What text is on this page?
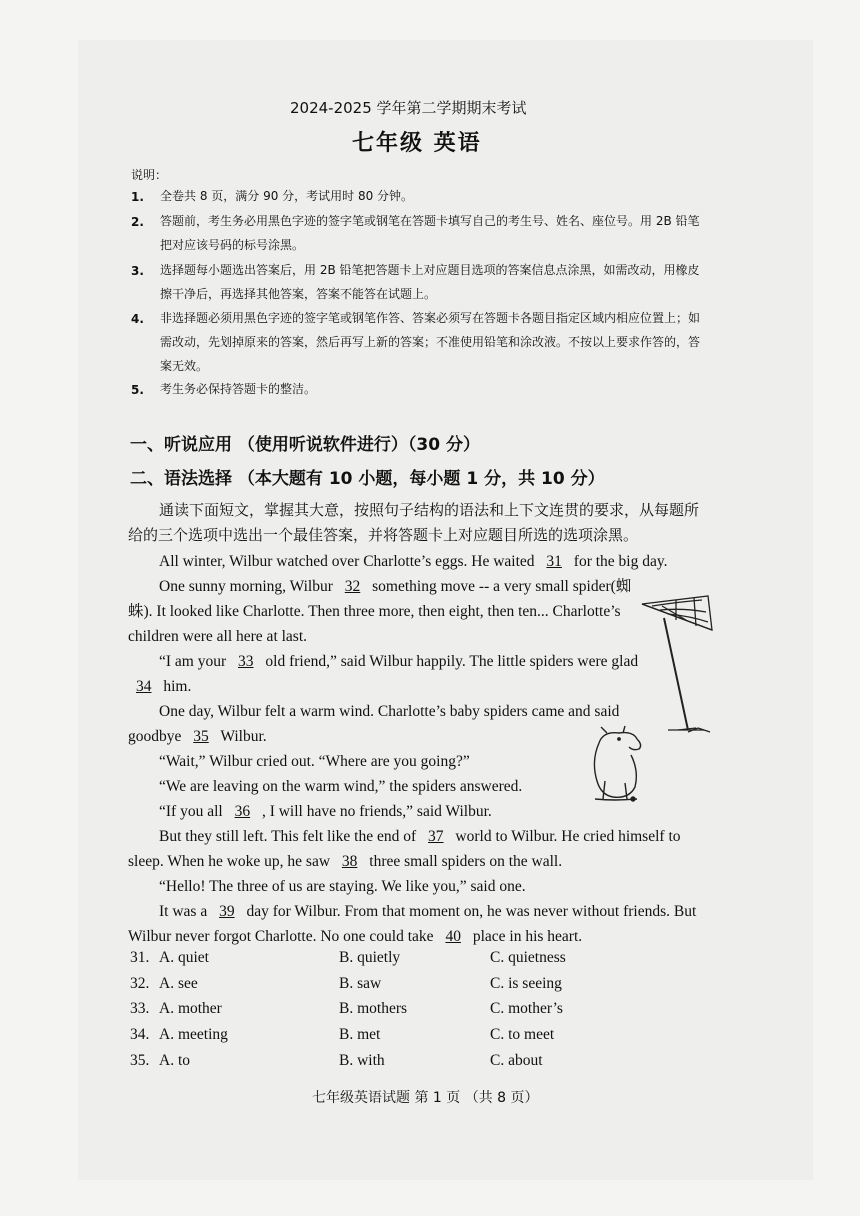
2024-2025 学年第二学期期末考试
七年级 英语
说明：
1. 全卷共 8 页，满分 90 分，考试用时 80 分钟。
2. 答题前，考生务必用黑色字迹的签字笔或钢笔在答题卡填写自己的考生号、姓名、座位号。用 2B 铅笔把对应该号码的标号涂黑。
3. 选择题每小题选出答案后，用 2B 铅笔把答题卡上对应题目选项的答案信息点涂黑，如需改动，用橡皮擦干净后，再选择其他答案，答案不能答在试题上。
4. 非选择题必须用黑色字迹的签字笔或钢笔作答、答案必须写在答题卡各题目指定区域内相应位置上；如需改动，先划掉原来的答案，然后再写上新的答案；不准使用铅笔和涂改液。不按以上要求作答的，答案无效。
5. 考生务必保持答题卡的整洁。
一、听说应用 （使用听说软件进行）（30 分）
二、语法选择 （本大题有 10 小题，每小题 1 分，共 10 分）
通读下面短文，掌握其大意，按照句子结构的语法和上下文连贯的要求，从每题所给的三个选项中选出一个最佳答案，并将答题卡上对应题目所选的选项涂黑。

All winter, Wilbur watched over Charlotte’s eggs. He waited 31 for the big day.

One sunny morning, Wilbur 32 something move -- a very small spider(蜘蛛). It looked like Charlotte. Then three more, then eight, then ten... Charlotte’s children were all here at last.

“I am your 33 old friend,” said Wilbur happily. The little spiders were glad 34 him.

One day, Wilbur felt a warm wind. Charlotte’s baby spiders came and said goodbye 35 Wilbur.

“Wait,” Wilbur cried out. “Where are you going?”

“We are leaving on the warm wind,” the spiders answered.

“If you all 36 , I will have no friends,” said Wilbur.

But they still left. This felt like the end of 37 world to Wilbur. He cried himself to sleep. When he woke up, he saw 38 three small spiders on the wall.

“Hello! The three of us are staying. We like you,” said one.

It was a 39 day for Wilbur. From that moment on, he was never without friends. But Wilbur never forgot Charlotte. No one could take 40 place in his heart.

31. A. quiet	B. quietly	C. quietness
32. A. see	B. saw	C. is seeing
33. A. mother	B. mothers	C. mother’s
34. A. meeting	B. met	C. to meet
35. A. to	B. with	C. about
七年级英语试题 第 1 页 （共 8 页）
